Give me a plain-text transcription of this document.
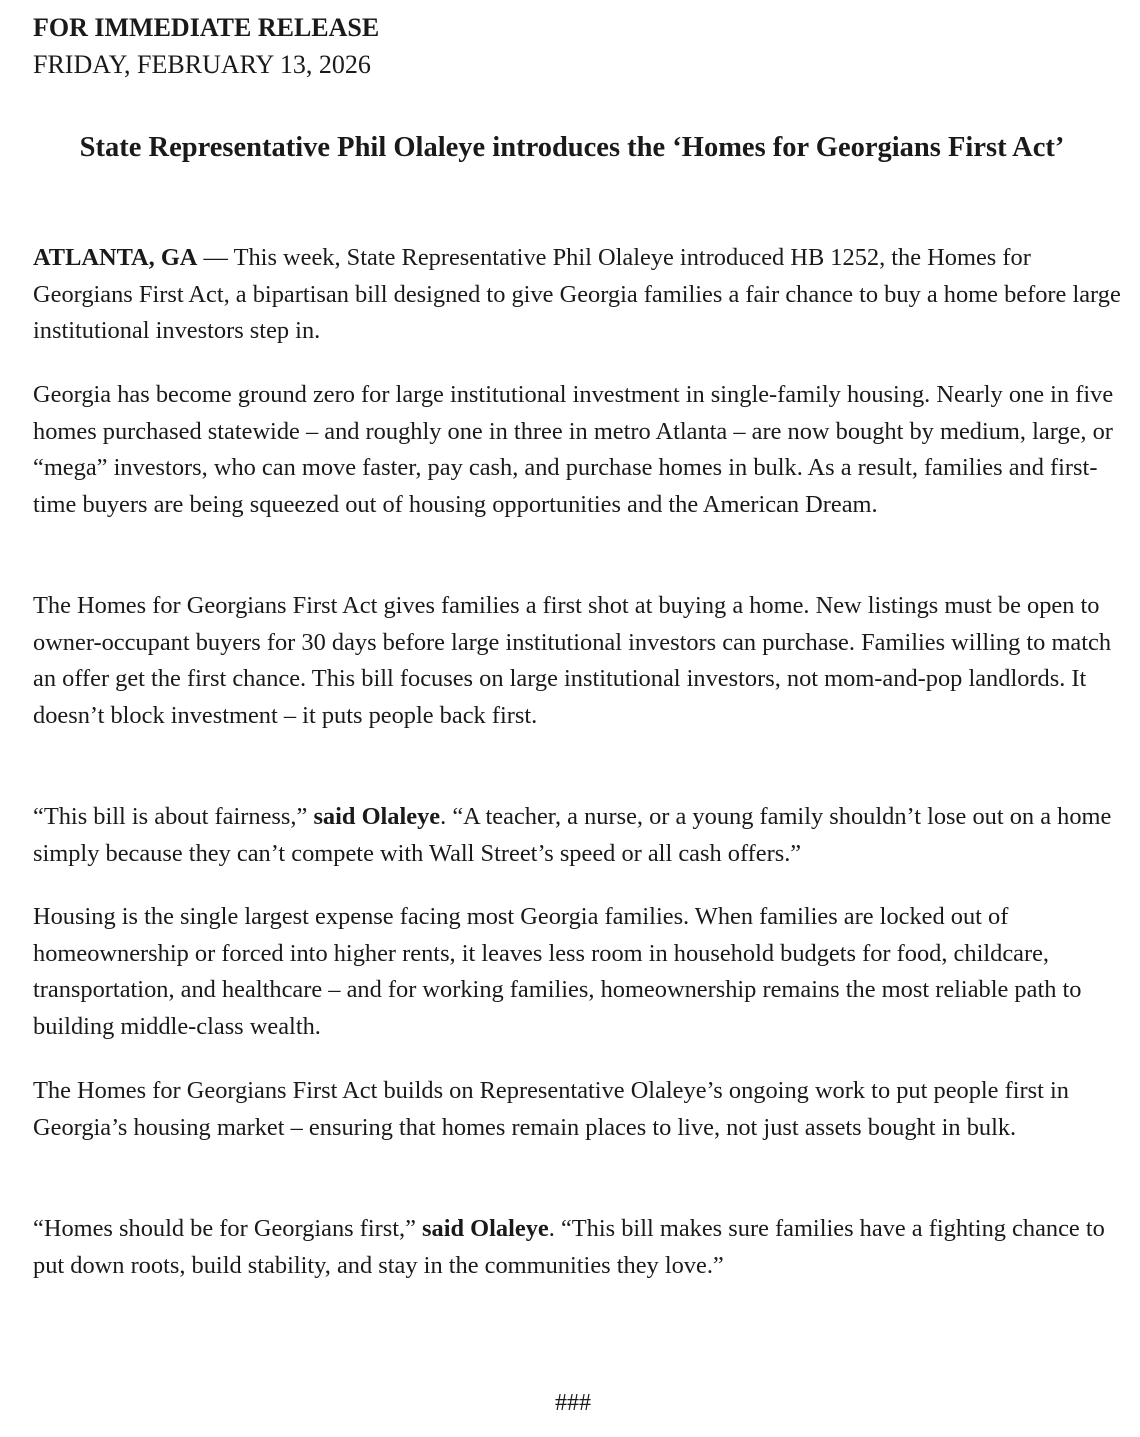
FOR IMMEDIATE RELEASE
FRIDAY, FEBRUARY 13, 2026
State Representative Phil Olaleye introduces the ‘Homes for Georgians First Act’

ATLANTA, GA — This week, State Representative Phil Olaleye introduced HB 1252, the Homes for Georgians First Act, a bipartisan bill designed to give Georgia families a fair chance to buy a home before large institutional investors step in.

Georgia has become ground zero for large institutional investment in single-family housing. Nearly one in five homes purchased statewide – and roughly one in three in metro Atlanta – are now bought by medium, large, or “mega” investors, who can move faster, pay cash, and purchase homes in bulk. As a result, families and first-time buyers are being squeezed out of housing opportunities and the American Dream.

The Homes for Georgians First Act gives families a first shot at buying a home. New listings must be open to owner-occupant buyers for 30 days before large institutional investors can purchase. Families willing to match an offer get the first chance. This bill focuses on large institutional investors, not mom-and-pop landlords. It doesn’t block investment – it puts people back first.

“This bill is about fairness,” said Olaleye. “A teacher, a nurse, or a young family shouldn’t lose out on a home simply because they can’t compete with Wall Street’s speed or all cash offers.”

Housing is the single largest expense facing most Georgia families. When families are locked out of homeownership or forced into higher rents, it leaves less room in household budgets for food, childcare, transportation, and healthcare – and for working families, homeownership remains the most reliable path to building middle-class wealth.

The Homes for Georgians First Act builds on Representative Olaleye’s ongoing work to put people first in Georgia’s housing market – ensuring that homes remain places to live, not just assets bought in bulk.

“Homes should be for Georgians first,” said Olaleye. “This bill makes sure families have a fighting chance to put down roots, build stability, and stay in the communities they love.”

###
